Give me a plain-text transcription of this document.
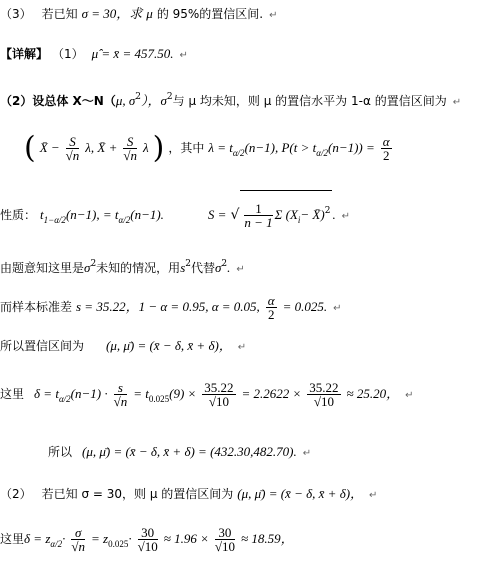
（3） 若已知 σ = 30，求 μ 的 95%的置信区间. ↵
【详解】 （1） μ̂ = x̄ = 457.50. ↵
（2）设总体 X～N（μ, $\sigma^2$），$\sigma^2$与 μ 均未知，则 μ 的置信水平为 1-α 的置信区间为 ↵
( X̄ − $\frac{S}{√n} \lambda$, X̄ + $\frac{S}{√n}$ λ ) ，其中 $\lambda = t_{\alpha/2}(n-1)$, $P(t > t_{\alpha/2}(n-1)) = \frac{\alpha}{2}$
性质： $t_{1-\alpha/2}(n-1)$, = $t_{\alpha/2}(n-1)$.	S = √ $\frac{1}{n - 1}$ Σ ($X_i-$ X̄)$^2$ . ↵
由题意知这里是$\sigma^2$未知的情况，用$s^2$代替$\sigma^2$. ↵
而样本标准差 s = 35.22，1 − α = 0.95, α = 0.05, $\frac{\alpha}{2} = 0.025$. ↵
所以置信区间为 (μ, μ̄) = (x̄ − δ, x̄ + δ)， ↵
这里 $\delta = t_{\alpha/2}(n-1) \cdot \frac{s}{√n} = t_{0.025}(9) \times \frac{35.22}{√10} = 2.2622 \times \frac{35.22}{√10} \approx 25.20$， ↵
所以 (μ, μ̄) = (x̄ − δ, x̄ + δ) = (432.30,482.70). ↵
（2） 若已知 σ = 30，则 μ 的置信区间为 (μ, μ̄) = (x̄ − δ, x̄ + δ)， ↵
这里$\delta = z_{\alpha/2}\cdot \frac{\sigma}{√n} = z_{0.025}\cdot \frac{30}{√10} \approx 1.96 \times \frac{30}{√10} \approx 18.59$，
